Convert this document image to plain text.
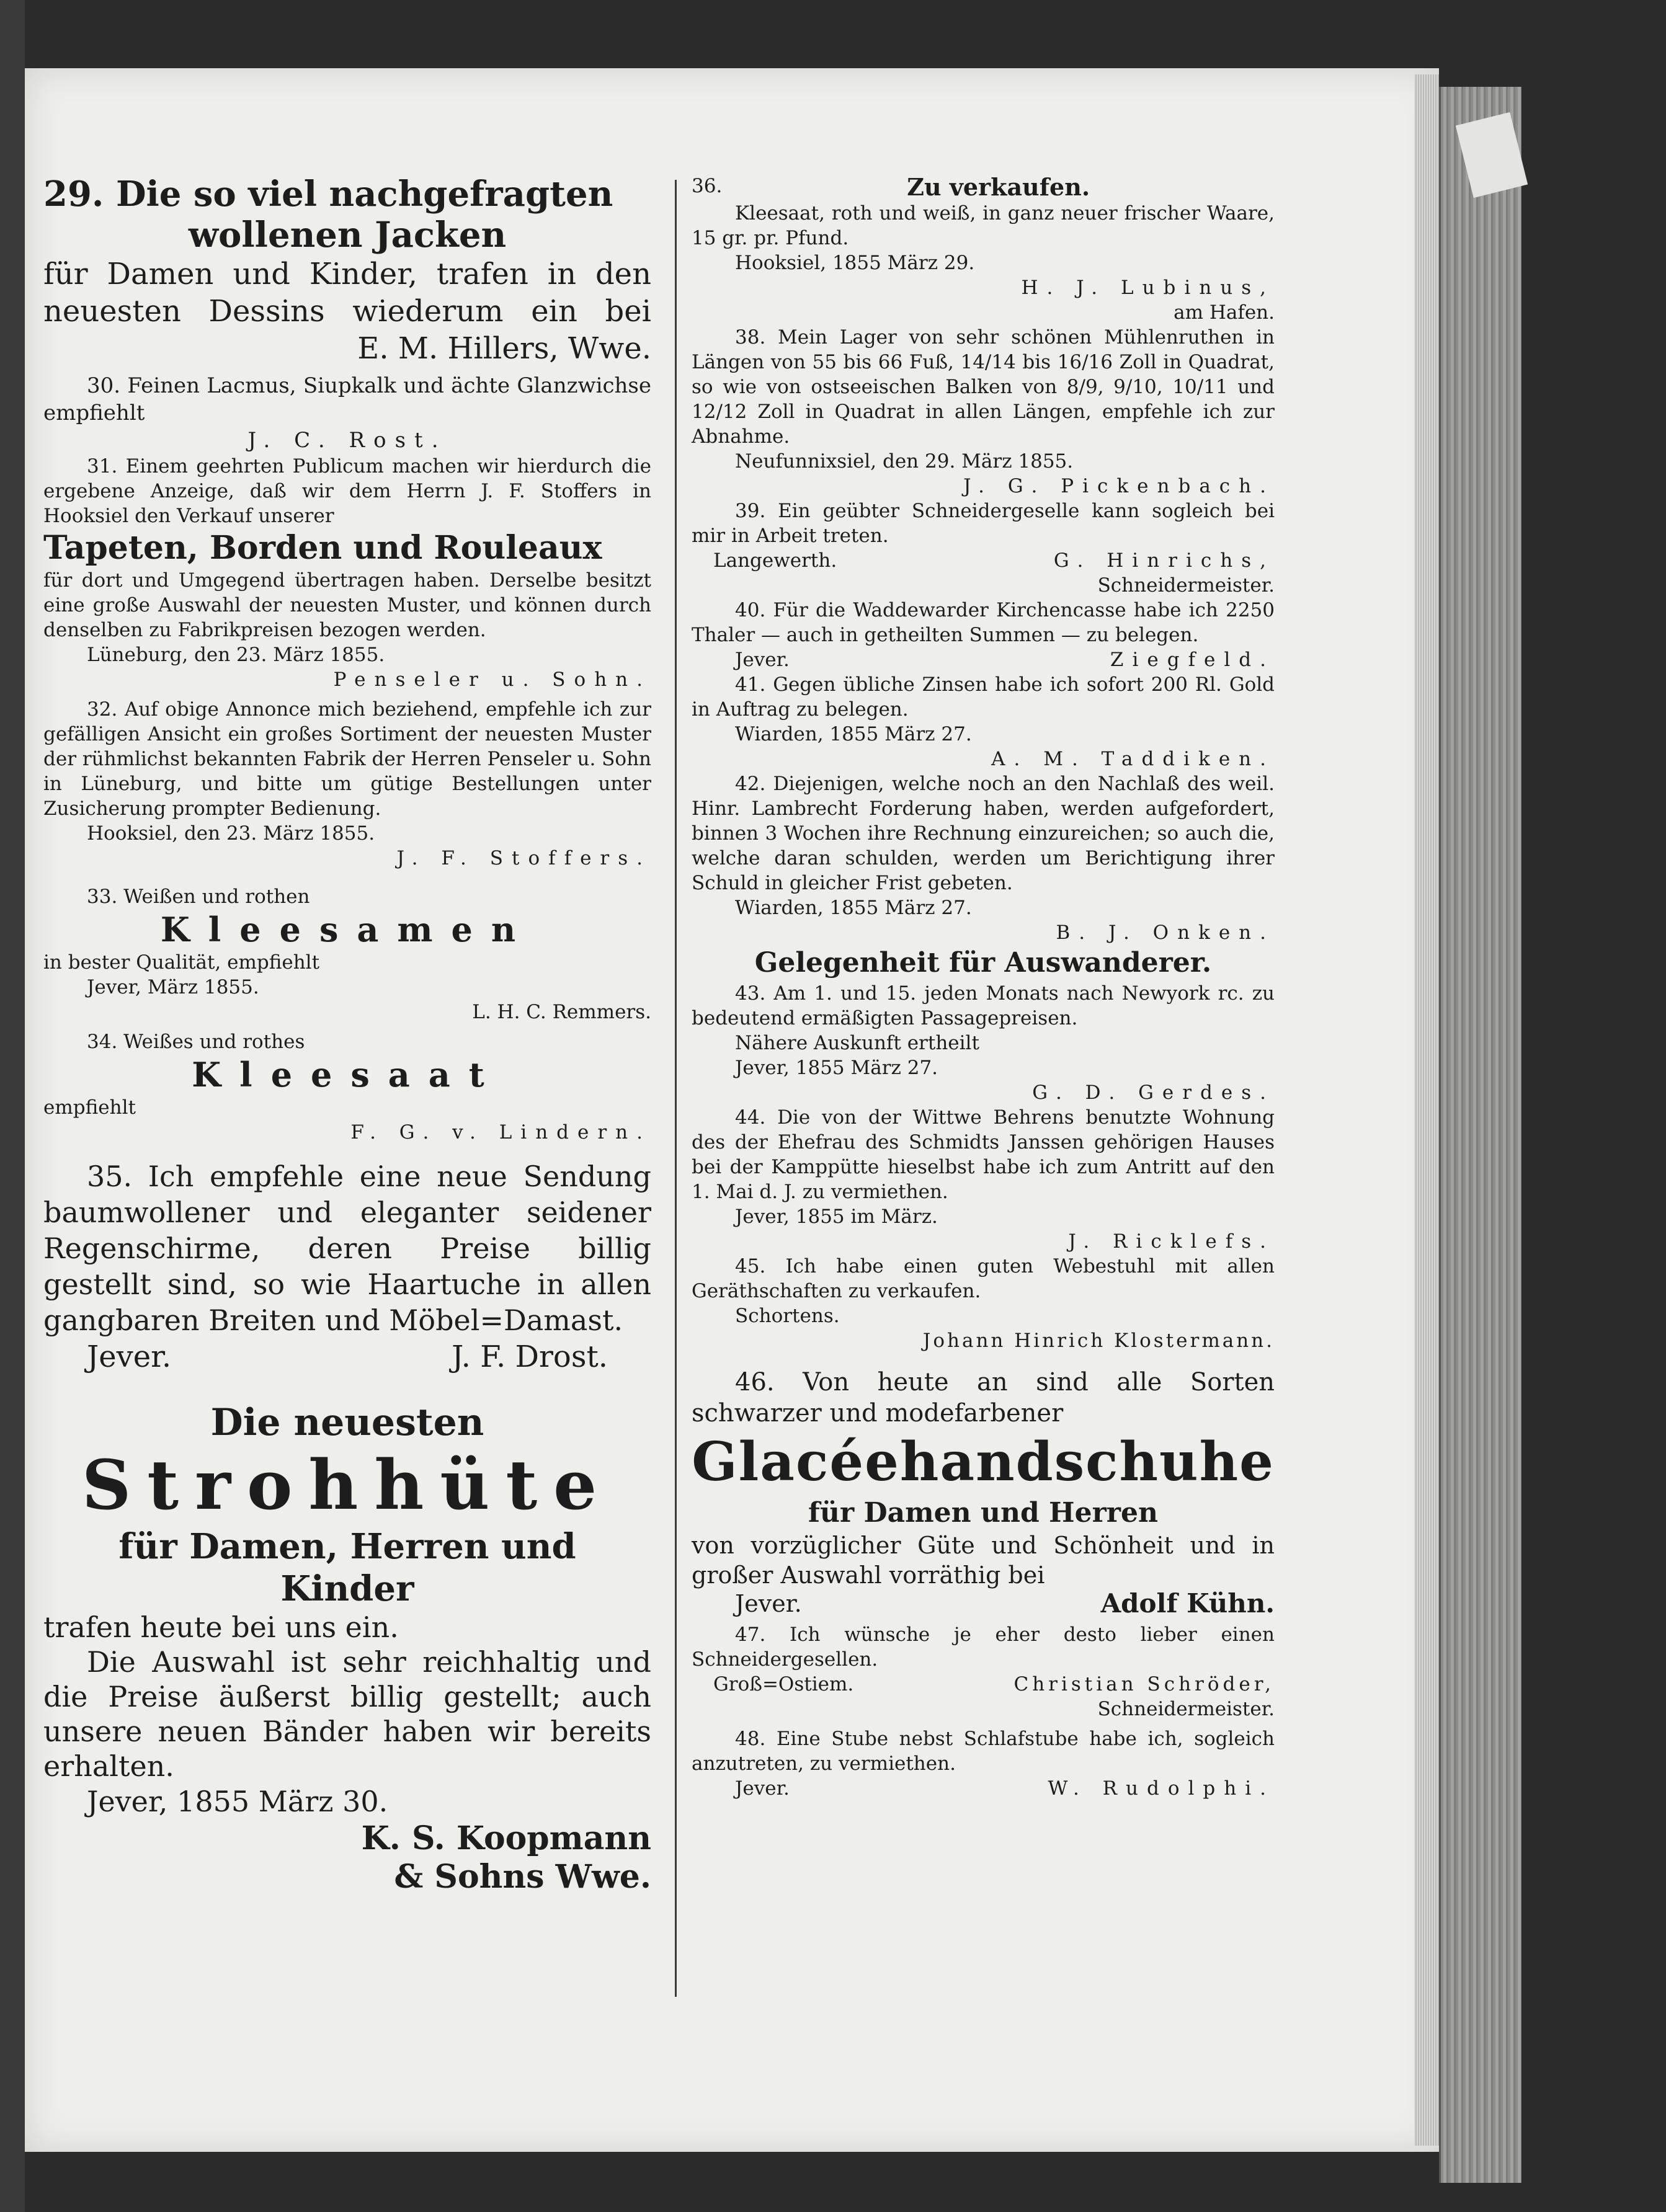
29. Die so viel nachgefragten
wollenen Jacken
für Damen und Kinder, trafen in den
neuesten Dessins wiederum ein bei
E. M. Hillers, Wwe.

30. Feinen Lacmus, Siupkalk und ächte Glanzwichse empfiehlt

J. C. Rost.

31. Einem geehrten Publicum machen wir hierdurch die ergebene Anzeige, daß wir dem Herrn J. F. Stoffers in Hooksiel den Verkauf unserer

Tapeten, Borden und Rouleaux

für dort und Umgegend übertragen haben. Derselbe besitzt eine große Auswahl der neuesten Muster, und können durch denselben zu Fabrikpreisen bezogen werden.

Lüneburg, den 23. März 1855.

Penseler u. Sohn.

32. Auf obige Annonce mich beziehend, empfehle ich zur gefälligen Ansicht ein großes Sortiment der neuesten Muster der rühmlichst bekannten Fabrik der Herren Penseler u. Sohn in Lüneburg, und bitte um gütige Bestellungen unter Zusicherung prompter Bedienung.

Hooksiel, den 23. März 1855.

J. F. Stoffers.

33. Weißen und rothen

Kleesamen

in bester Qualität, empfiehlt

Jever, März 1855.

L. H. C. Remmers.

34. Weißes und rothes

Kleesaat

empfiehlt

F. G. v. Lindern.

35. Ich empfehle eine neue Sendung baumwollener und eleganter seidener Regenschirme, deren Preise billig gestellt sind, so wie Haartuche in allen gangbaren Breiten und Möbel=Damast.

Jever.	J. F. Drost.
Die neuesten
Strohhüte
für Damen, Herren und
Kinder

trafen heute bei uns ein.

Die Auswahl ist sehr reichhaltig und die Preise äußerst billig gestellt; auch unsere neuen Bänder haben wir bereits erhalten.

Jever, 1855 März 30.

K. S. Koopmann
& Sohns Wwe.
36.	Zu verkaufen.

Kleesaat, roth und weiß, in ganz neuer frischer Waare, 15 gr. pr. Pfund.

Hooksiel, 1855 März 29.

H. J. Lubinus,

am Hafen.

38. Mein Lager von sehr schönen Mühlenruthen in Längen von 55 bis 66 Fuß, 14/14 bis 16/16 Zoll in Quadrat, so wie von ostseeischen Balken von 8/9, 9/10, 10/11 und 12/12 Zoll in Quadrat in allen Längen, empfehle ich zur Abnahme.

Neufunnixsiel, den 29. März 1855.

J. G. Pickenbach.

39. Ein geübter Schneidergeselle kann sogleich bei mir in Arbeit treten.

Langewerth.	G. Hinrichs,

Schneidermeister.

40. Für die Waddewarder Kirchencasse habe ich 2250 Thaler — auch in getheilten Summen — zu belegen.

Jever.	Ziegfeld.

41. Gegen übliche Zinsen habe ich sofort 200 Rl. Gold in Auftrag zu belegen.

Wiarden, 1855 März 27.

A. M. Taddiken.

42. Diejenigen, welche noch an den Nachlaß des weil. Hinr. Lambrecht Forderung haben, werden aufgefordert, binnen 3 Wochen ihre Rechnung einzureichen; so auch die, welche daran schulden, werden um Berichtigung ihrer Schuld in gleicher Frist gebeten.

Wiarden, 1855 März 27.

B. J. Onken.

Gelegenheit für Auswanderer.

43. Am 1. und 15. jeden Monats nach Newyork rc. zu bedeutend ermäßigten Passagepreisen.

Nähere Auskunft ertheilt

Jever, 1855 März 27.

G. D. Gerdes.

44. Die von der Wittwe Behrens benutzte Wohnung des der Ehefrau des Schmidts Janssen gehörigen Hauses bei der Kamppütte hieselbst habe ich zum Antritt auf den 1. Mai d. J. zu vermiethen.

Jever, 1855 im März.

J. Ricklefs.

45. Ich habe einen guten Webestuhl mit allen Geräthschaften zu verkaufen.

Schortens.

Johann Hinrich Klostermann.

46. Von heute an sind alle Sorten schwarzer und modefarbener

Glacéehandschuhe
für Damen und Herren

von vorzüglicher Güte und Schönheit und in großer Auswahl vorräthig bei

Jever.	Adolf Kühn.

47. Ich wünsche je eher desto lieber einen Schneidergesellen.

Groß=Ostiem.	Christian Schröder,

Schneidermeister.

48. Eine Stube nebst Schlafstube habe ich, sogleich anzutreten, zu vermiethen.

Jever.	W. Rudolphi.
